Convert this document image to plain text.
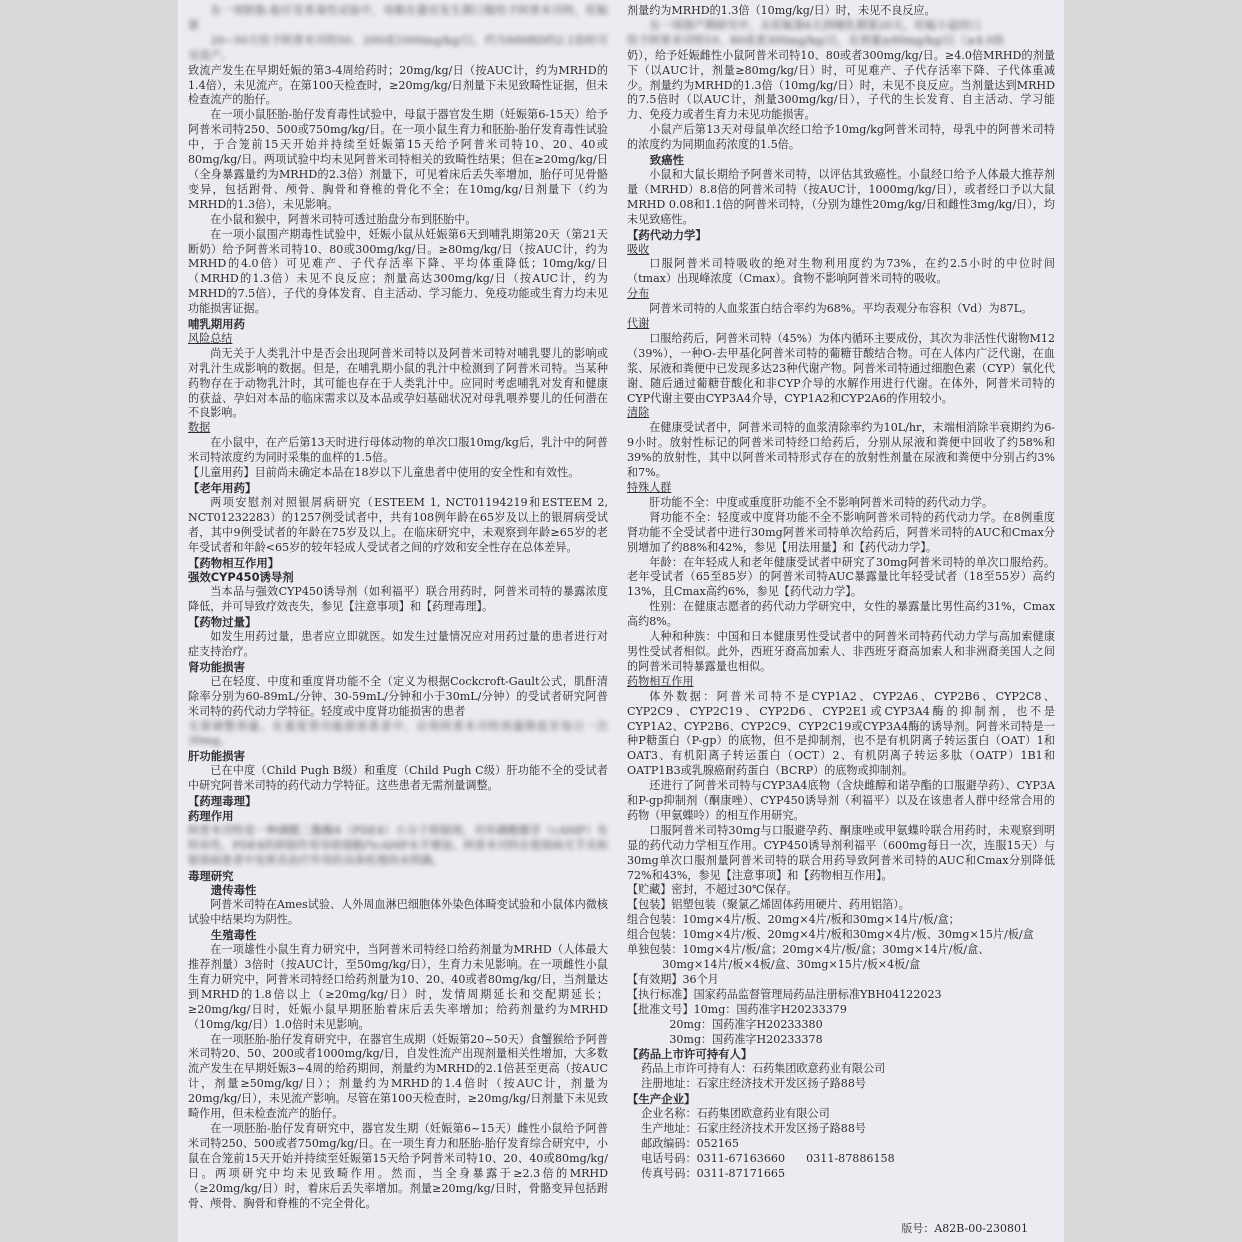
在一项胚胎-胎仔发育毒性试验中，母猴在器官发生期口服给予阿普米司特，妊娠第

20~50天给予阿普米司特50、200或1000mg/kg/日，约为MHRD的2.1倍时可见流产。

致流产发生在早期妊娠的第3-4周给药时；20mg/kg/日（按AUC计，约为MRHD的1.4倍），未见流产。在第100天检查时，≥20mg/kg/日剂量下未见致畸性证据，但未检查流产的胎仔。

在一项小鼠胚胎-胎仔发育毒性试验中，母鼠于器官发生期（妊娠第6-15天）给予阿普米司特250、500或750mg/kg/日。在一项小鼠生育力和胚胎-胎仔发育毒性试验中，于合笼前15天开始并持续至妊娠第15天给予阿普米司特10、20、40或80mg/kg/日。两项试验中均未见阿普米司特相关的致畸性结果；但在≥20mg/kg/日（全身暴露量约为MRHD的2.3倍）剂量下，可见着床后丢失率增加，胎仔可见骨骼变异，包括跗骨、颅骨、胸骨和脊椎的骨化不全；在10mg/kg/日剂量下（约为MRHD的1.3倍），未见影响。

在小鼠和猴中，阿普米司特可透过胎盘分布到胚胎中。

在一项小鼠围产期毒性试验中，妊娠小鼠从妊娠第6天到哺乳期第20天（第21天断奶）给予阿普米司特10、80或300mg/kg/日。≥80mg/kg/日（按AUC计，约为MRHD的4.0倍）可见难产、子代存活率下降、平均体重降低；10mg/kg/日（MRHD的1.3倍）未见不良反应；剂量高达300mg/kg/日（按AUC计，约为MRHD的7.5倍），子代的身体发育、自主活动、学习能力、免疫功能或生育力均未见功能损害证据。

哺乳期用药

风险总结

尚无关于人类乳汁中是否会出现阿普米司特以及阿普米司特对哺乳婴儿的影响或对乳汁生成影响的数据。但是，在哺乳期小鼠的乳汁中检测到了阿普米司特。当某种药物存在于动物乳汁时，其可能也存在于人类乳汁中。应同时考虑哺乳对发育和健康的获益、孕妇对本品的临床需求以及本品或孕妇基础状况对母乳喂养婴儿的任何潜在不良影响。

数据

在小鼠中，在产后第13天时进行母体动物的单次口服10mg/kg后，乳汁中的阿普米司特浓度约为同时采集的血样的1.5倍。

【儿童用药】目前尚未确定本品在18岁以下儿童患者中使用的安全性和有效性。

【老年用药】

两项安慰剂对照银屑病研究（ESTEEM 1, NCT01194219和ESTEEM 2, NCT01232283）的1257例受试者中，共有108例年龄在65岁及以上的银屑病受试者，其中9例受试者的年龄在75岁及以上。在临床研究中，未观察到年龄≥65岁的老年受试者和年龄<65岁的较年轻成人受试者之间的疗效和安全性存在总体差异。

【药物相互作用】

强效CYP450诱导剂

当本品与强效CYP450诱导剂（如利福平）联合用药时，阿普米司特的暴露浓度降低，并可导致疗效丧失，参见【注意事项】和【药理毒理】。

【药物过量】

如发生用药过量，患者应立即就医。如发生过量情况应对用药过量的患者进行对症支持治疗。

肾功能损害

已在轻度、中度和重度肾功能不全（定义为根据Cockcroft-Gault公式，肌酐清除率分别为60-89mL/分钟、30-59mL/分钟和小于30mL/分钟）的受试者研究阿普米司特的药代动力学特征。轻度或中度肾功能损害的患者

无需调整剂量。在重度肾功能损害患者中，应将阿普米司特剂量降低至每日一次30mg。

肝功能损害

已在中度（Child Pugh B级）和重度（Child Pugh C级）肝功能不全的受试者中研究阿普米司特的药代动力学特征。这些患者无需剂量调整。

【药理毒理】

药理作用

阿普米司特是一种磷酸二酯酶4（PDE4）小分子抑制剂，对环磷酸腺苷（cAMP）有特异性。PDE4的抑制作用导致细胞内cAMP水平增加。阿普米司特在银屑病关节炎和银屑病患者中发挥其治疗作用的具体机理尚未明确。

毒理研究

遗传毒性

阿普米司特在Ames试验、人外周血淋巴细胞体外染色体畸变试验和小鼠体内微核试验中结果均为阴性。

生殖毒性

在一项雄性小鼠生育力研究中，当阿普米司特经口给药剂量为MRHD（人体最大推荐剂量）3倍时（按AUC计，至50mg/kg/日），生育力未见影响。在一项雌性小鼠生育力研究中，阿普米司特经口给药剂量为10、20、40或者80mg/kg/日，当剂量达到MRHD的1.8倍以上（≥20mg/kg/日）时，发情周期延长和交配期延长；≥20mg/kg/日时，妊娠小鼠早期胚胎着床后丢失率增加；给药剂量约为MRHD（10mg/kg/日）1.0倍时未见影响。

在一项胚胎-胎仔发育研究中，在器官生成期（妊娠第20~50天）食蟹猴给予阿普米司特20、50、200或者1000mg/kg/日，自发性流产出现剂量相关性增加，大多数流产发生在早期妊娠3~4周的给药期间，剂量约为MRHD的2.1倍甚至更高（按AUC计，剂量≥50mg/kg/日）；剂量约为MRHD的1.4倍时（按AUC计，剂量为20mg/kg/日），未见流产影响。尽管在第100天检查时，≥20mg/kg/日剂量下未见致畸作用，但未检查流产的胎仔。

在一项胚胎-胎仔发育研究中，器官发生期（妊娠第6~15天）雌性小鼠给予阿普米司特250、500或者750mg/kg/日。在一项生育力和胚胎-胎仔发育综合研究中，小鼠在合笼前15天开始并持续至妊娠第15天给予阿普米司特10、20、40或80mg/kg/日。两项研究中均未见致畸作用。然而，当全身暴露于≥2.3倍的MRHD（≥20mg/kg/日）时，着床后丢失率增加。剂量≥20mg/kg/日时，骨骼变异包括跗骨、颅骨、胸骨和脊椎的不完全骨化。

剂量约为MRHD的1.3倍（10mg/kg/日）时，未见不良反应。

在一项围产期研究中，从妊娠第6天到哺乳期第20天，妊娠小鼠经口

给予阿普米司特10、80或者300mg/kg/日，在剂量≥80mg/kg/日（≥4.0倍

奶），给予妊娠雌性小鼠阿普米司特10、80或者300mg/kg/日。≥4.0倍MRHD的剂量下（以AUC计，剂量≥80mg/kg/日）时，可见难产、子代存活率下降、子代体重减少。剂量约为MRHD的1.3倍（10mg/kg/日）时，未见不良反应。当剂量达到MRHD的7.5倍时（以AUC计，剂量300mg/kg/日），子代的生长发育、自主活动、学习能力、免疫力或者生育力未见功能损害。

小鼠产后第13天对母鼠单次经口给予10mg/kg阿普米司特，母乳中的阿普米司特的浓度约为同期血药浓度的1.5倍。

致癌性

小鼠和大鼠长期给予阿普米司特，以评估其致癌性。小鼠经口给予人体最大推荐剂量（MRHD）8.8倍的阿普米司特（按AUC计，1000mg/kg/日），或者经口予以大鼠MRHD 0.08和1.1倍的阿普米司特，（分别为雄性20mg/kg/日和雌性3mg/kg/日），均未见致癌性。

【药代动力学】

吸收

口服阿普米司特吸收的绝对生物利用度约为73%，在约2.5小时的中位时间（tmax）出现峰浓度（Cmax）。食物不影响阿普米司特的吸收。

分布

阿普米司特的人血浆蛋白结合率约为68%。平均表观分布容积（Vd）为87L。

代谢

口服给药后，阿普米司特（45%）为体内循环主要成份，其次为非活性代谢物M12（39%），一种O-去甲基化阿普米司特的葡糖苷酸结合物。可在人体内广泛代谢，在血浆、尿液和粪便中已发现多达23种代谢产物。阿普米司特通过细胞色素（CYP）氧化代谢、随后通过葡糖苷酸化和非CYP介导的水解作用进行代谢。在体外，阿普米司特的CYP代谢主要由CYP3A4介导，CYP1A2和CYP2A6的作用较小。

清除

在健康受试者中，阿普米司特的血浆清除率约为10L/hr，末端相消除半衰期约为6-9小时。放射性标记的阿普米司特经口给药后，分别从尿液和粪便中回收了约58%和39%的放射性，其中以阿普米司特形式存在的放射性剂量在尿液和粪便中分别占约3%和7%。

特殊人群

肝功能不全：中度或重度肝功能不全不影响阿普米司特的药代动力学。

肾功能不全：轻度或中度肾功能不全不影响阿普米司特的药代动力学。在8例重度肾功能不全受试者中进行30mg阿普米司特单次给药后，阿普米司特的AUC和Cmax分别增加了约88%和42%，参见【用法用量】和【药代动力学】。

年龄：在年轻成人和老年健康受试者中研究了30mg阿普米司特的单次口服给药。老年受试者（65至85岁）的阿普米司特AUC暴露量比年轻受试者（18至55岁）高约13%，且Cmax高约6%，参见【药代动力学】。

性别：在健康志愿者的药代动力学研究中，女性的暴露量比男性高约31%，Cmax高约8%。

人种和种族：中国和日本健康男性受试者中的阿普米司特药代动力学与高加索健康男性受试者相似。此外，西班牙裔高加索人、非西班牙裔高加索人和非洲裔美国人之间的阿普米司特暴露量也相似。

药物相互作用

体外数据：阿普米司特不是CYP1A2、CYP2A6、CYP2B6、CYP2C8、CYP2C9、CYP2C19、CYP2D6、CYP2E1或CYP3A4酶的抑制剂，也不是CYP1A2、CYP2B6、CYP2C9、CYP2C19或CYP3A4酶的诱导剂。阿普米司特是一种P糖蛋白（P-gp）的底物，但不是抑制剂，也不是有机阴离子转运蛋白（OAT）1和OAT3、有机阳离子转运蛋白（OCT）2、有机阴离子转运多肽（OATP）1B1和OATP1B3或乳腺癌耐药蛋白（BCRP）的底物或抑制剂。

还进行了阿普米司特与CYP3A4底物（含炔雌醇和诺孕酯的口服避孕药）、CYP3A和P-gp抑制剂（酮康唑）、CYP450诱导剂（利福平）以及在该患者人群中经常合用的药物（甲氨蝶呤）的相互作用研究。

口服阿普米司特30mg与口服避孕药、酮康唑或甲氨蝶呤联合用药时，未观察到明显的药代动力学相互作用。CYP450诱导剂利福平（600mg每日一次，连服15天）与30mg单次口服剂量阿普米司特的联合用药导致阿普米司特的AUC和Cmax分别降低72%和43%，参见【注意事项】和【药物相互作用】。

【贮藏】密封，不超过30℃保存。

【包装】铝塑包装（聚氯乙烯固体药用硬片、药用铝箔）。

组合包装：10mg×4片/板、20mg×4片/板和30mg×14片/板/盒；

组合包装：10mg×4片/板、20mg×4片/板和30mg×4片/板、30mg×15片/板/盒

单独包装：10mg×4片/板/盒；20mg×4片/板/盒；30mg×14片/板/盒、

30mg×14片/板×4板/盒、30mg×15片/板×4板/盒

【有效期】36个月

【执行标准】国家药品监督管理局药品注册标准YBH04122023

【批准文号】10mg：国药准字H20233379

20mg：国药准字H20233380

30mg：国药准字H20233378

【药品上市许可持有人】

药品上市许可持有人：石药集团欧意药业有限公司

注册地址：石家庄经济技术开发区扬子路88号

【生产企业】

企业名称：石药集团欧意药业有限公司

生产地址：石家庄经济技术开发区扬子路88号

邮政编码：052165

电话号码：0311-67163660      0311-87886158

传真号码：0311-87171665

版号：A82B-00-230801
